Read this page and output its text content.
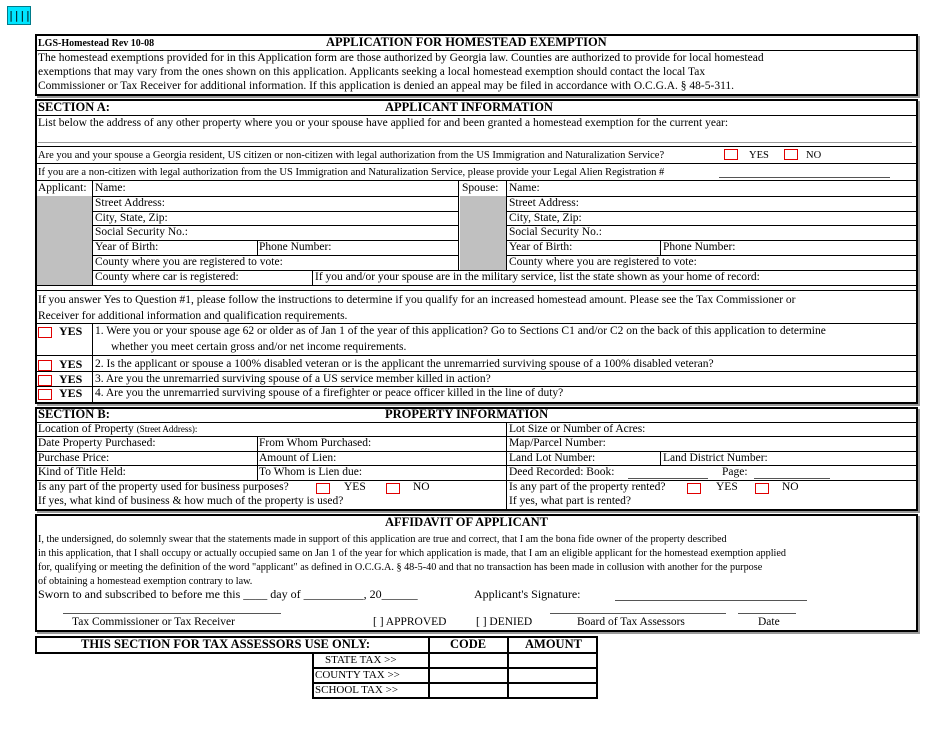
||||
LGS-Homestead Rev 10-08	APPLICATION FOR HOMESTEAD EXEMPTION
The homestead exemptions provided for in this Application form are those authorized by Georgia law. Counties are authorized to provide for local homestead
exemptions that may vary from the ones shown on this application. Applicants seeking a local homestead exemption should contact the local Tax
Commissioner or Tax Receiver for additional information. If this application is denied an appeal may be filed in accordance with O.C.G.A. § 48-5-311.
SECTION A:	APPLICANT INFORMATION
List below the address of any other property where you or your spouse have applied for and been granted a homestead exemption for the current year:
Are you and your spouse a Georgia resident, US citizen or non-citizen with legal authorization from the US Immigration and Naturalization Service?	YES	NO
If you are a non-citizen with legal authorization from the US Immigration and Naturalization Service, please provide your Legal Alien Registration #
Applicant:	Spouse:
Name:
Street Address:
City, State, Zip:
Social Security No.:
Year of Birth:	Phone Number:
County where you are registered to vote:
County where car is registered:	If you and/or your spouse are in the military service, list the state shown as your home of record:
Name:
Street Address:
City, State, Zip:
Social Security No.:
Year of Birth:	Phone Number:
County where you are registered to vote:
If you answer Yes to Question #1, please follow the instructions to determine if you qualify for an increased homestead amount. Please see the Tax Commissioner or
Receiver for additional information and qualification requirements.
YES 1. Were you or your spouse age 62 or older as of Jan 1 of the year of this application? Go to Sections C1 and/or C2 on the back of this application to determine
whether you meet certain gross and/or net income requirements.
YES 2. Is the applicant or spouse a 100% disabled veteran or is the applicant the unremarried surviving spouse of a 100% disabled veteran?
YES 3. Are you the unremarried surviving spouse of a US service member killed in action?
YES 4. Are you the unremarried surviving spouse of a firefighter or peace officer killed in the line of duty?
SECTION B:	PROPERTY INFORMATION
Location of Property (Street Address):	Lot Size or Number of Acres:
Date Property Purchased:	From Whom Purchased:	Map/Parcel Number:
Purchase Price:	Amount of Lien:	Land Lot Number:	Land District Number:
Kind of Title Held:	To Whom is Lien due:	Deed Recorded: Book:	Page:
Is any part of the property used for business purposes?	YES	NO
If yes, what kind of business & how much of the property is used?
Is any part of the property rented?	YES	NO
If yes, what part is rented?
AFFIDAVIT OF APPLICANT
I, the undersigned, do solemnly swear that the statements made in support of this application are true and correct, that I am the bona fide owner of the property described
in this application, that I shall occupy or actually occupied same on Jan 1 of the year for which application is made, that I am an eligible applicant for the homestead exemption applied
for, qualifying or meeting the definition of the word "applicant" as defined in O.C.G.A. § 48-5-40 and that no transaction has been made in collusion with another for the purpose
of obtaining a homestead exemption contrary to law.
Sworn to and subscribed to before me this ____ day of __________, 20______	Applicant's Signature:
Tax Commissioner or Tax Receiver	[ ] APPROVED	[ ] DENIED	Board of Tax Assessors	Date
THIS SECTION FOR TAX ASSESSORS USE ONLY:	CODE	AMOUNT
STATE TAX >>
COUNTY TAX >>
SCHOOL TAX >>
